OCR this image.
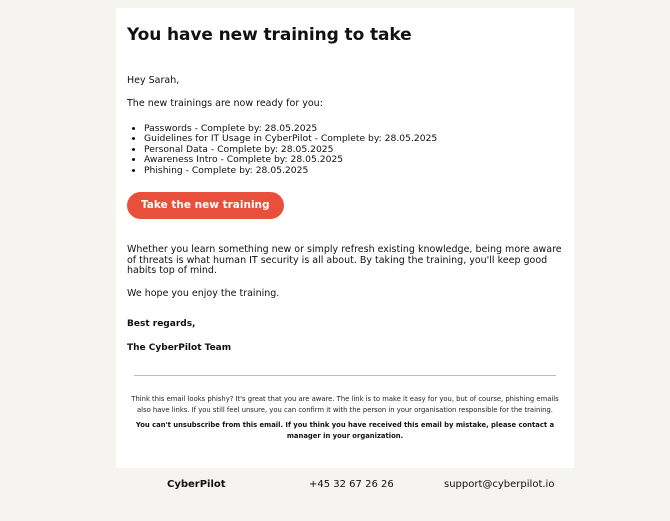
You have new training to take

Hey Sarah,

The new trainings are now ready for you:

• Passwords - Complete by: 28.05.2025
• Guidelines for IT Usage in CyberPilot - Complete by: 28.05.2025
• Personal Data - Complete by: 28.05.2025
• Awareness Intro - Complete by: 28.05.2025
• Phishing - Complete by: 28.05.2025
Take the new training

Whether you learn something new or simply refresh existing knowledge, being more aware of threats is what human IT security is all about. By taking the training, you'll keep good habits top of mind.

We hope you enjoy the training.

Best regards,

The CyberPilot Team

Think this email looks phishy? It's great that you are aware. The link is to make it easy for you, but of course, phishing emails also have links. If you still feel unsure, you can confirm it with the person in your organisation responsible for the training.

You can't unsubscribe from this email. If you think you have received this email by mistake, please contact a manager in your organization.

CyberPilot	+45 32 67 26 26	support@cyberpilot.io
